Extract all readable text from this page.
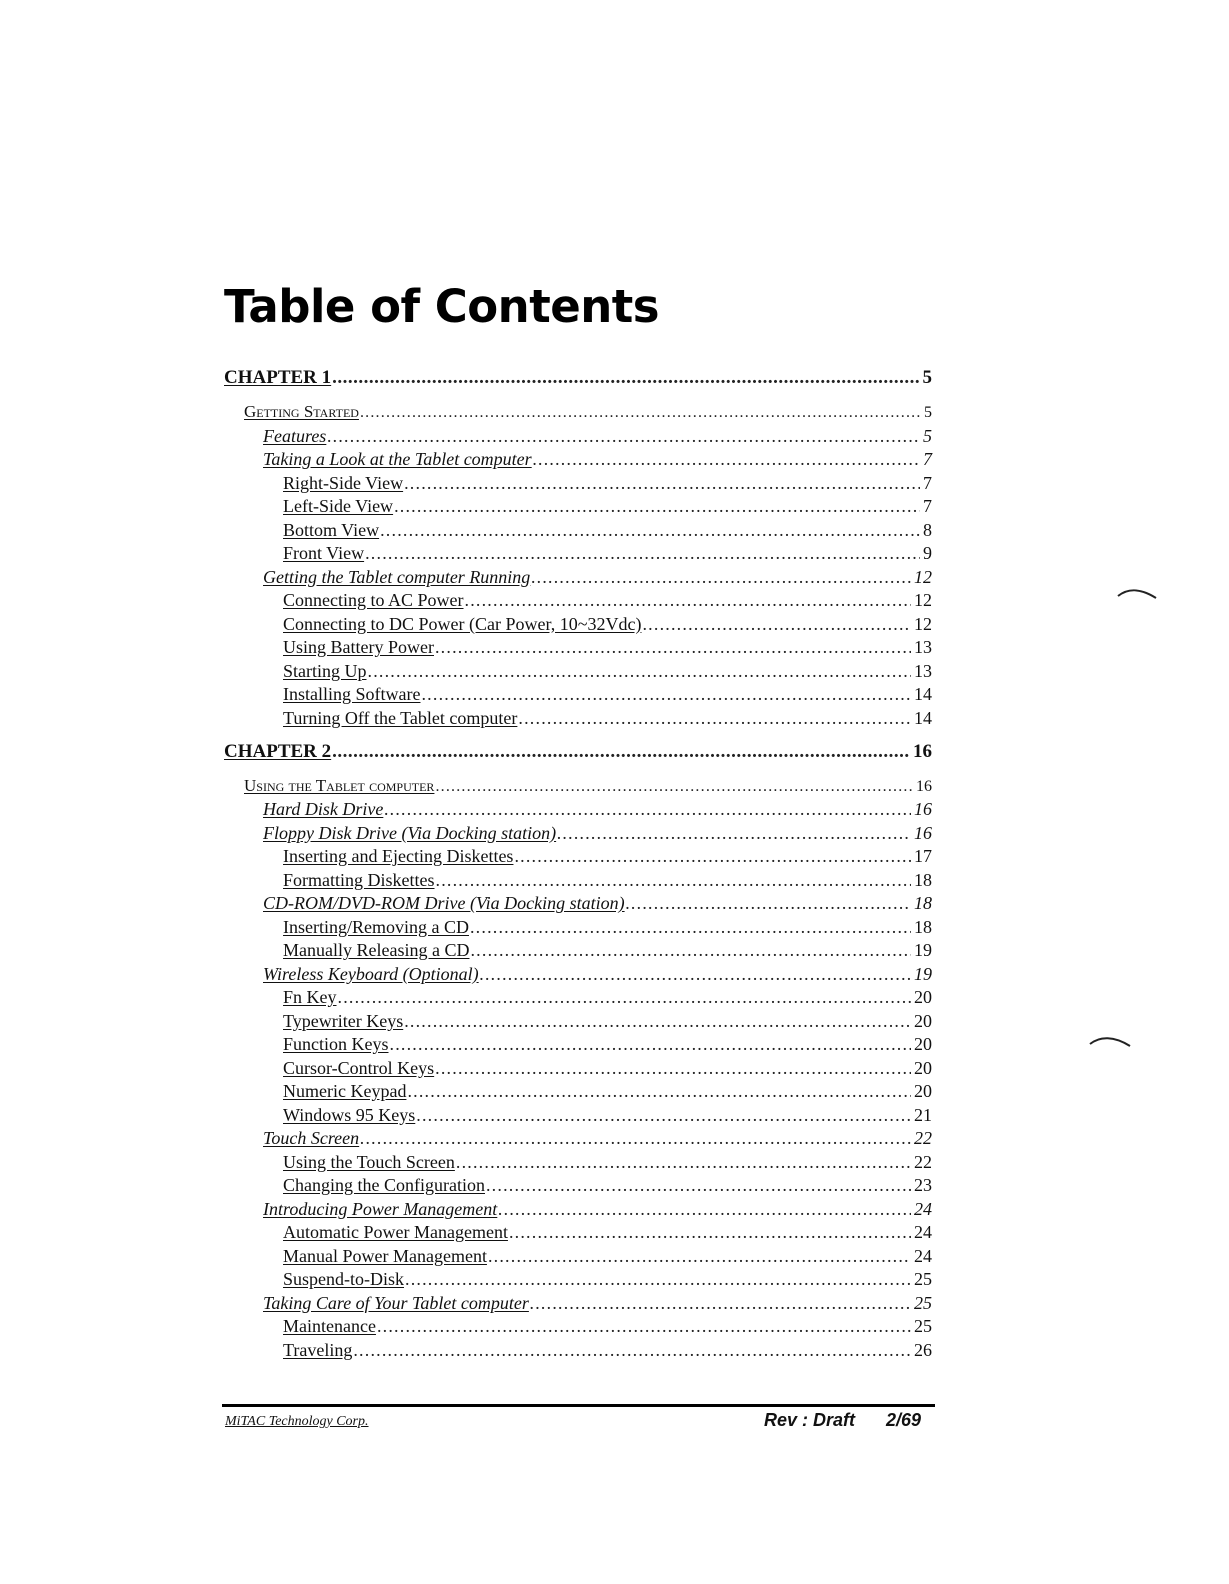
Table of Contents
CHAPTER 1 .....	5
Getting Started .....	5
Features .....	5
Taking a Look at the Tablet computer .....	7
Right-Side View .....	7
Left-Side View .....	7
Bottom View .....	8
Front View .....	9
Getting the Tablet computer Running .....	12
Connecting to AC Power .....	12
Connecting to DC Power (Car Power, 10~32Vdc) .....	12
Using Battery Power .....	13
Starting Up .....	13
Installing Software .....	14
Turning Off the Tablet computer .....	14
CHAPTER 2 .....	16
Using the Tablet computer .....	16
Hard Disk Drive .....	16
Floppy Disk Drive (Via Docking station) .....	16
Inserting and Ejecting Diskettes .....	17
Formatting Diskettes .....	18
CD-ROM/DVD-ROM Drive (Via Docking station) .....	18
Inserting/Removing a CD .....	18
Manually Releasing a CD .....	19
Wireless Keyboard (Optional) .....	19
Fn Key .....	20
Typewriter Keys .....	20
Function Keys .....	20
Cursor-Control Keys .....	20
Numeric Keypad .....	20
Windows 95 Keys .....	21
Touch Screen .....	22
Using the Touch Screen .....	22
Changing the Configuration .....	23
Introducing Power Management .....	24
Automatic Power Management .....	24
Manual Power Management .....	24
Suspend-to-Disk .....	25
Taking Care of Your Tablet computer .....	25
Maintenance .....	25
Traveling .....	26
MiTAC Technology Corp.	Rev : Draft 2/69
